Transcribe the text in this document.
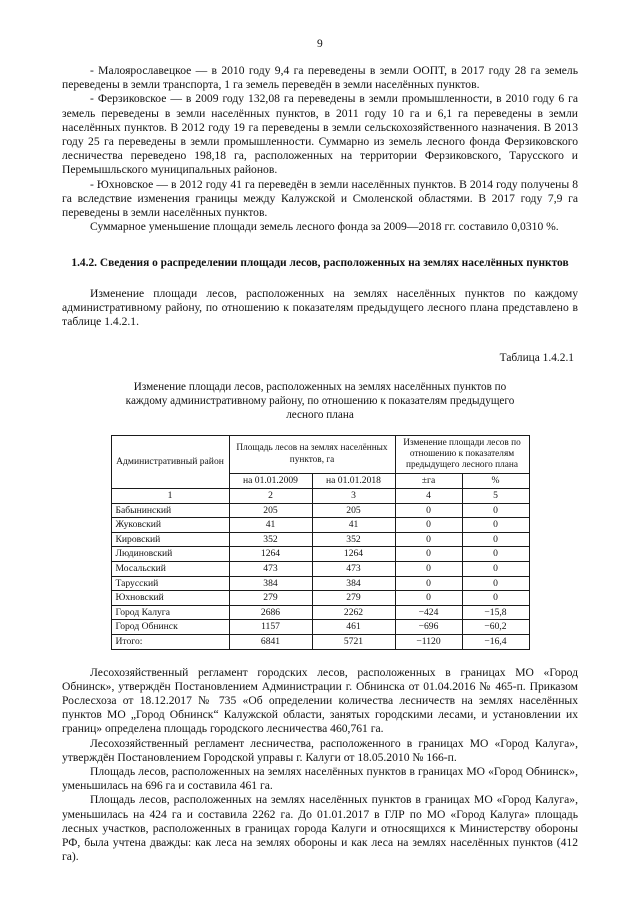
9

- Малоярославецкое — в 2010 году 9,4 га переведены в земли ООПТ, в 2017 году 28 га земель переведены в земли транспорта, 1 га земель переведён в земли населённых пунктов.

- Ферзиковское — в 2009 году 132,08 га переведены в земли промышленности, в 2010 году 6 га земель переведены в земли населённых пунктов, в 2011 году 10 га и 6,1 га переведены в земли населённых пунктов. В 2012 году 19 га переведены в земли сельскохозяйственного назначения. В 2013 году 25 га переведены в земли промышленности. Суммарно из земель лесного фонда Ферзиковского лесничества переведено 198,18 га, расположенных на территории Ферзиковского, Тарусского и Перемышльского муниципальных районов.

- Юхновское — в 2012 году 41 га переведён в земли населённых пунктов. В 2014 году получены 8 га вследствие изменения границы между Калужской и Смоленской областями. В 2017 году 7,9 га переведены в земли населённых пунктов.

Суммарное уменьшение площади земель лесного фонда за 2009—2018 гг. составило 0,0310 %.

1.4.2. Сведения о распределении площади лесов, расположенных на землях населённых пунктов

Изменение площади лесов, расположенных на землях населённых пунктов по каждому административному району, по отношению к показателям предыдущего лесного плана представлено в таблице 1.4.2.1.

Таблица 1.4.2.1

Изменение площади лесов, расположенных на землях населённых пунктов по каждому административному району, по отношению к показателям предыдущего лесного плана

Административный район	Площадь лесов на землях населённых пунктов, га		Изменение площади лесов по отношению к показателям предыдущего лесного плана	
	на 01.01.2009	на 01.01.2018	±га	%
1	2	3	4	5
Бабынинский	205	205	0	0
Жуковский	41	41	0	0
Кировский	352	352	0	0
Людиновский	1264	1264	0	0
Мосальский	473	473	0	0
Тарусский	384	384	0	0
Юхновский	279	279	0	0
Город Калуга	2686	2262	−424	−15,8
Город Обнинск	1157	461	−696	−60,2
Итого:	6841	5721	−1120	−16,4

Лесохозяйственный регламент городских лесов, расположенных в границах МО «Город Обнинск», утверждён Постановлением Администрации г. Обнинска от 01.04.2016 № 465-п. Приказом Рослесхоза от 18.12.2017 № 735 «Об определении количества лесничеств на землях населённых пунктов МО „Город Обнинск“ Калужской области, занятых городскими лесами, и установлении их границ» определена площадь городского лесничества 460,761 га.

Лесохозяйственный регламент лесничества, расположенного в границах МО «Город Калуга», утверждён Постановлением Городской управы г. Калуги от 18.05.2010 № 166-п.

Площадь лесов, расположенных на землях населённых пунктов в границах МО «Город Обнинск», уменьшилась на 696 га и составила 461 га.

Площадь лесов, расположенных на землях населённых пунктов в границах МО «Город Калуга», уменьшилась на 424 га и составила 2262 га. До 01.01.2017 в ГЛР по МО «Город Калуга» площадь лесных участков, расположенных в границах города Калуги и относящихся к Министерству обороны РФ, была учтена дважды: как леса на землях обороны и как леса на землях населённых пунктов (412 га).
